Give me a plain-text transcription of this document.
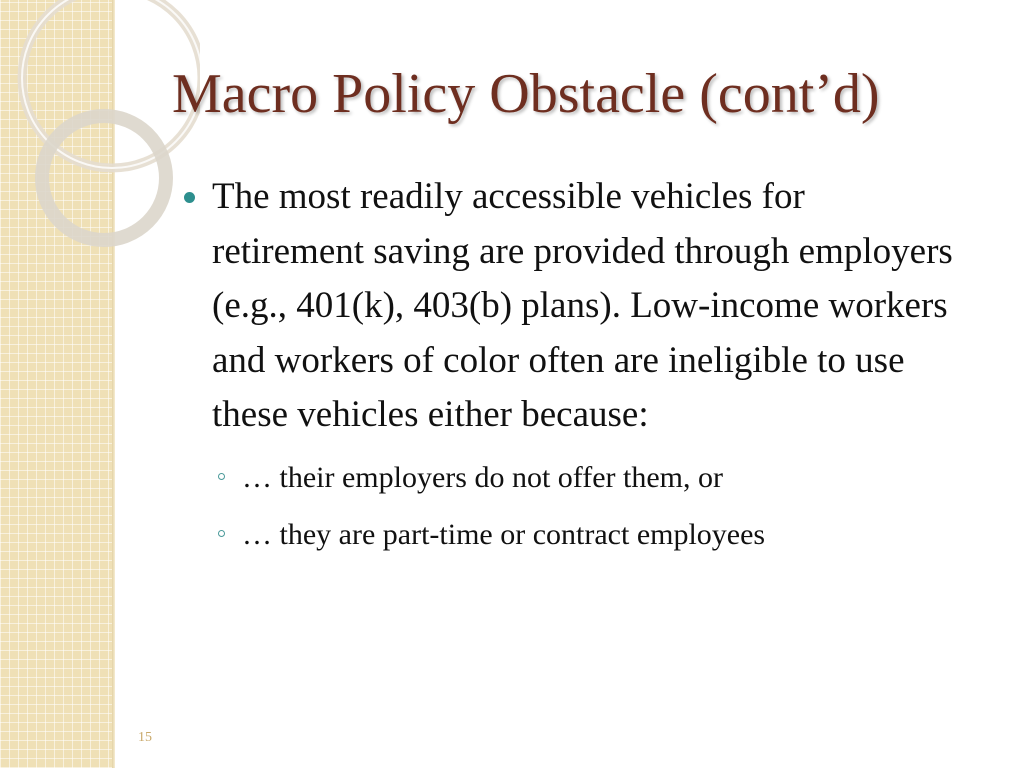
Macro Policy Obstacle (cont’d)
The most readily accessible vehicles for retirement saving are provided through employers (e.g., 401(k), 403(b) plans). Low-income workers and workers of color often are ineligible to use these vehicles either because:
… their employers do not offer them, or
… they are part-time or contract employees
15
